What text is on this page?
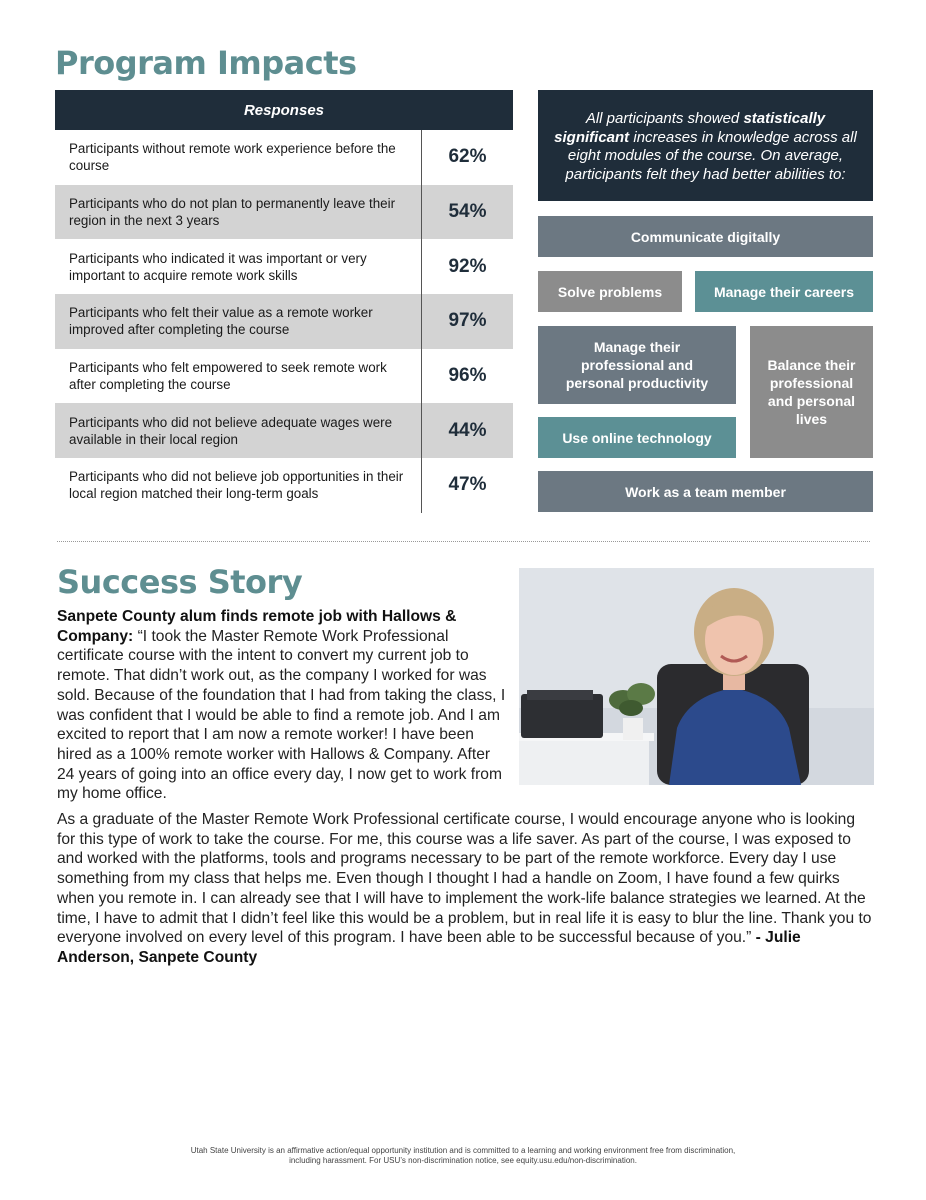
Program Impacts
Responses
Participants without remote work experience before the course	62%
Participants who do not plan to permanently leave their region in the next 3 years	54%
Participants who indicated it was important or very important to acquire remote work skills	92%
Participants who felt their value as a remote worker improved after completing the course	97%
Participants who felt empowered to seek remote work after completing the course	96%
Participants who did not believe adequate wages were available in their local region	44%
Participants who did not believe job opportunities in their local region matched their long-term goals	47%
All participants showed statistically significant increases in knowledge across all eight modules of the course. On average, participants felt they had better abilities to:
Communicate digitally
Solve problems	Manage their careers
Manage their professional and personal productivity
Balance their professional and personal lives
Use online technology
Work as a team member
Success Story
Sanpete County alum finds remote job with Hallows & Company: “I took the Master Remote Work Professional certificate course with the intent to convert my current job to remote. That didn’t work out, as the company I worked for was sold. Because of the foundation that I had from taking the class, I was confident that I would be able to find a remote job. And I am excited to report that I am now a remote worker! I have been hired as a 100% remote worker with Hallows & Company. After 24 years of going into an office every day, I now get to work from my home office.
As a graduate of the Master Remote Work Professional certificate course, I would encourage anyone who is looking for this type of work to take the course. For me, this course was a life saver. As part of the course, I was exposed to and worked with the platforms, tools and programs necessary to be part of the remote workforce. Every day I use something from my class that helps me. Even though I thought I had a handle on Zoom, I have found a few quirks when you remote in. I can already see that I will have to implement the work-life balance strategies we learned. At the time, I have to admit that I didn’t feel like this would be a problem, but in real life it is easy to blur the line. Thank you to everyone involved on every level of this program. I have been able to be successful because of you.” - Julie Anderson, Sanpete County
Utah State University is an affirmative action/equal opportunity institution and is committed to a learning and working environment free from discrimination,
including harassment. For USU’s non-discrimination notice, see equity.usu.edu/non-discrimination.
